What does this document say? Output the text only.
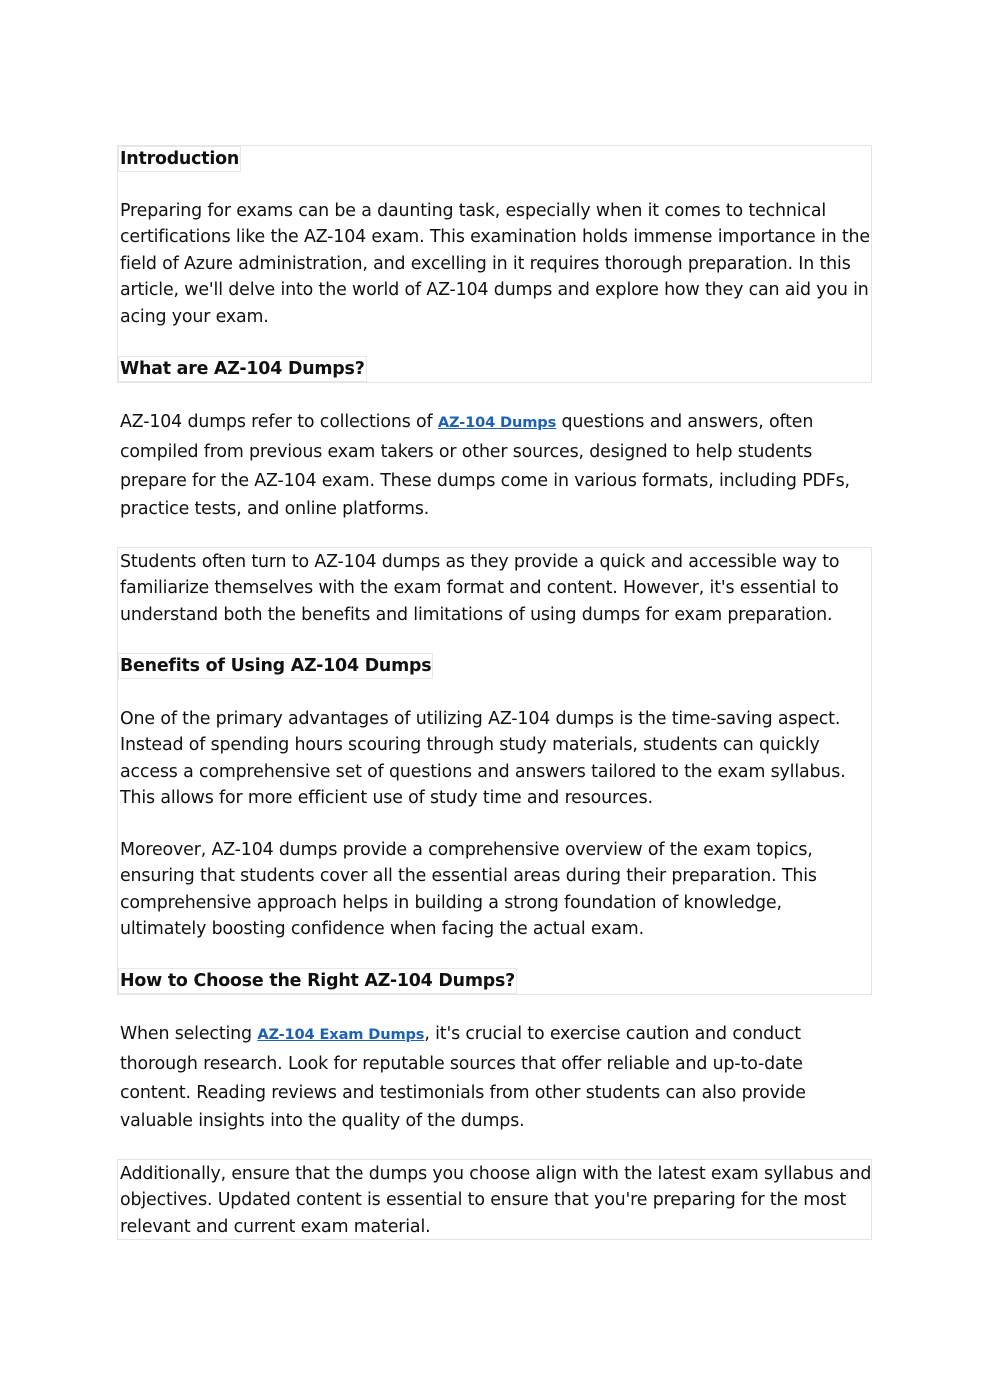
Introduction

Preparing for exams can be a daunting task, especially when it comes to technical certifications like the AZ-104 exam. This examination holds immense importance in the field of Azure administration, and excelling in it requires thorough preparation. In this article, we'll delve into the world of AZ-104 dumps and explore how they can aid you in acing your exam.

What are AZ-104 Dumps?

AZ-104 dumps refer to collections of AZ-104 Dumps questions and answers, often compiled from previous exam takers or other sources, designed to help students prepare for the AZ-104 exam. These dumps come in various formats, including PDFs, practice tests, and online platforms.

Students often turn to AZ-104 dumps as they provide a quick and accessible way to familiarize themselves with the exam format and content. However, it's essential to understand both the benefits and limitations of using dumps for exam preparation.

Benefits of Using AZ-104 Dumps

One of the primary advantages of utilizing AZ-104 dumps is the time-saving aspect. Instead of spending hours scouring through study materials, students can quickly access a comprehensive set of questions and answers tailored to the exam syllabus. This allows for more efficient use of study time and resources.

Moreover, AZ-104 dumps provide a comprehensive overview of the exam topics, ensuring that students cover all the essential areas during their preparation. This comprehensive approach helps in building a strong foundation of knowledge, ultimately boosting confidence when facing the actual exam.

How to Choose the Right AZ-104 Dumps?

When selecting AZ-104 Exam Dumps, it's crucial to exercise caution and conduct thorough research. Look for reputable sources that offer reliable and up-to-date content. Reading reviews and testimonials from other students can also provide valuable insights into the quality of the dumps.

Additionally, ensure that the dumps you choose align with the latest exam syllabus and objectives. Updated content is essential to ensure that you're preparing for the most relevant and current exam material.
